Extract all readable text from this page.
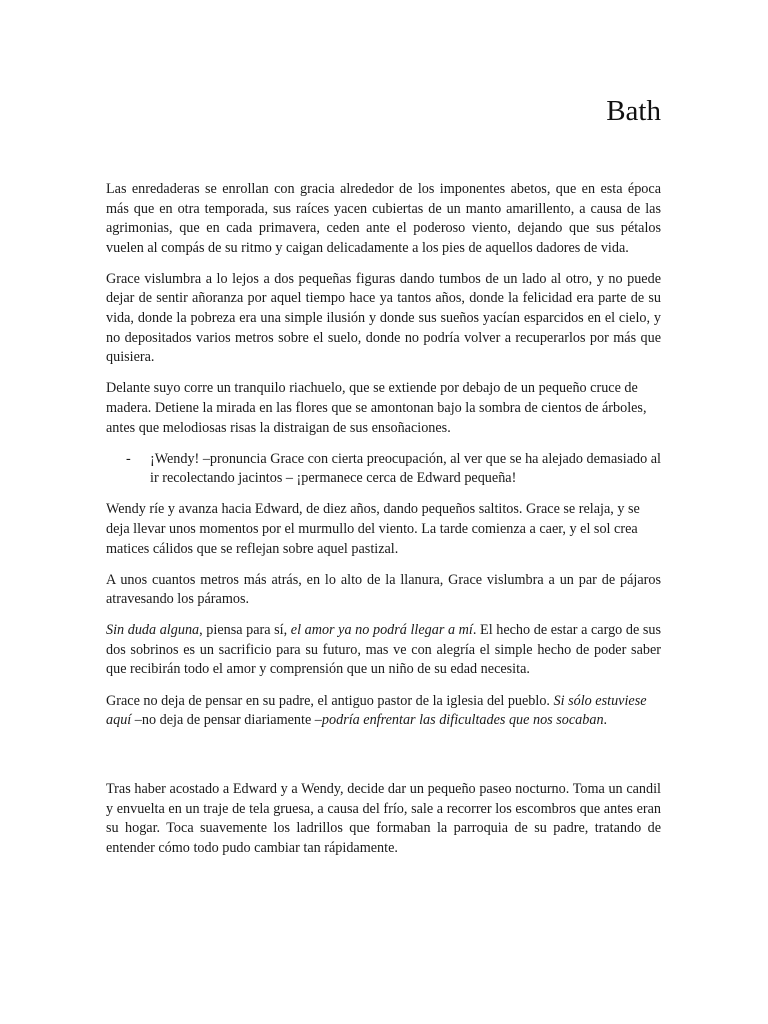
Bath

Las enredaderas se enrollan con gracia alrededor de los imponentes abetos, que en esta época más que en otra temporada, sus raíces yacen cubiertas de un manto amarillento, a causa de las agrimonias, que en cada primavera, ceden ante el poderoso viento, dejando que sus pétalos vuelen al compás de su ritmo y caigan delicadamente a los pies de aquellos dadores de vida.

Grace vislumbra a lo lejos a dos pequeñas figuras dando tumbos de un lado al otro, y no puede dejar de sentir añoranza por aquel tiempo hace ya tantos años, donde la felicidad era parte de su vida, donde la pobreza era una simple ilusión y donde sus sueños yacían esparcidos en el cielo, y no depositados varios metros sobre el suelo, donde no podría volver a recuperarlos por más que quisiera.

Delante suyo corre un tranquilo riachuelo, que se extiende por debajo de un pequeño cruce de madera. Detiene la mirada en las flores que se amontonan bajo la sombra de cientos de árboles, antes que melodiosas risas la distraigan de sus ensoñaciones.

- ¡Wendy! –pronuncia Grace con cierta preocupación, al ver que se ha alejado demasiado al ir recolectando jacintos – ¡permanece cerca de Edward pequeña!

Wendy ríe y avanza hacia Edward, de diez años, dando pequeños saltitos. Grace se relaja, y se deja llevar unos momentos por el murmullo del viento. La tarde comienza a caer, y el sol crea matices cálidos que se reflejan sobre aquel pastizal.

A unos cuantos metros más atrás, en lo alto de la llanura, Grace vislumbra a un par de pájaros atravesando los páramos.

Sin duda alguna, piensa para sí, el amor ya no podrá llegar a mí. El hecho de estar a cargo de sus dos sobrinos es un sacrificio para su futuro, mas ve con alegría el simple hecho de poder saber que recibirán todo el amor y comprensión que un niño de su edad necesita.

Grace no deja de pensar en su padre, el antiguo pastor de la iglesia del pueblo. Si sólo estuviese aquí –no deja de pensar diariamente –podría enfrentar las dificultades que nos socaban.

Tras haber acostado a Edward y a Wendy, decide dar un pequeño paseo nocturno. Toma un candil y envuelta en un traje de tela gruesa, a causa del frío, sale a recorrer los escombros que antes eran su hogar. Toca suavemente los ladrillos que formaban la parroquia de su padre, tratando de entender cómo todo pudo cambiar tan rápidamente.
